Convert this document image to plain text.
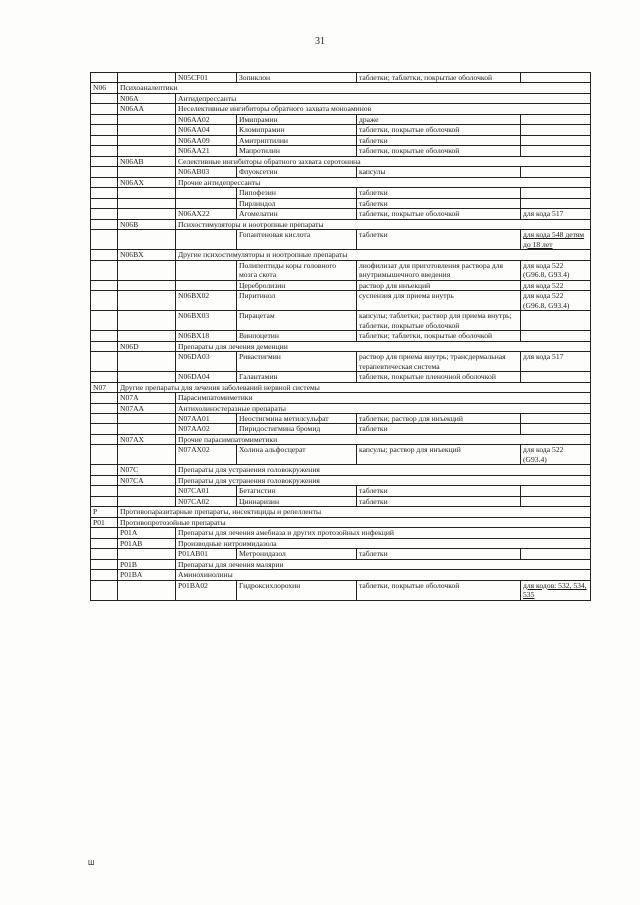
31
		N05CF01	Зопиклон	таблетки; таблетки, покрытые оболочкой	
N06	Психоаналептики				
	N06A	Антидепрессанты			
	N06AA	Неселективные ингибиторы обратного захвата моноаминов			
		N06AA02	Имипрамин	драже	
		N06AA04	Кломипрамин	таблетки, покрытые оболочкой	
		N06AA09	Амитриптилин	таблетки	
		N06AA21	Мапротилин	таблетки, покрытые оболочкой	
	N06AB	Селективные ингибиторы обратного захвата серотонина			
		N06AB03	Флуоксетин	капсулы	
	N06AX	Прочие антидепрессанты			
			Пипофезин	таблетки	
			Пирлиндол	таблетки	
		N06AX22	Агомелатин	таблетки, покрытые оболочкой	для кода 517
	N06B	Психостимуляторы и ноотропные препараты			
			Гопантеновая кислота	таблетки	для кода 548 детям до 18 лет
	N06BX	Другие психостимуляторы и ноотропные препараты			
			Полипептиды коры головного мозга скота	лиофилизат для приготовления раствора для внутримышечного введения	для кода 522 (G96.8, G93.4)
			Церебролизин	раствор для инъекций	для кода 522
		N06BX02	Пиритинол	суспензия для приема внутрь	для кода 522 (G96.8, G93.4)
		N06BX03	Пирацетам	капсулы; таблетки; раствор для приема внутрь; таблетки, покрытые оболочкой	
		N06BX18	Винпоцетин	таблетки; таблетки, покрытые оболочкой	
	N06D	Препараты для лечения деменции			
		N06DA03	Ривастигмин	раствор для приема внутрь; трансдермальная терапевтическая система	для кода 517
		N06DA04	Галантамин	таблетки, покрытые пленочной оболочкой	
N07	Другие препараты для лечения заболеваний нервной системы				
	N07A	Парасимпатомиметики			
	N07AA	Антихолинэстеразные препараты			
		N07AA01	Неостигмина метилсульфат	таблетки; раствор для инъекций	
		N07AA02	Пиридостигмина бромид	таблетки	
	N07AX	Прочие парасимпатомиметики			
		N07AX02	Холина альфосцерат	капсулы; раствор для инъекций	для кода 522 (G93.4)
	N07C	Препараты для устранения головокружения			
	N07CA	Препараты для устранения головокружения			
		N07CA01	Бетагистин	таблетки	
		N07CA02	Циннаризин	таблетки	
P	Противопаразитарные препараты, инсектициды и репелленты				
P01	Противопротозойные препараты				
	P01A	Препараты для лечения амебиаза и других протозойных инфекций			
	P01AB	Производные нитроимидазола			
		P01AB01	Метронидазол	таблетки	
	P01B	Препараты для лечения малярии			
	P01BA	Аминохинолины			
		P01BA02	Гидроксихлорохин	таблетки, покрытые оболочкой	для кодов: 532, 534, 535
Ш
